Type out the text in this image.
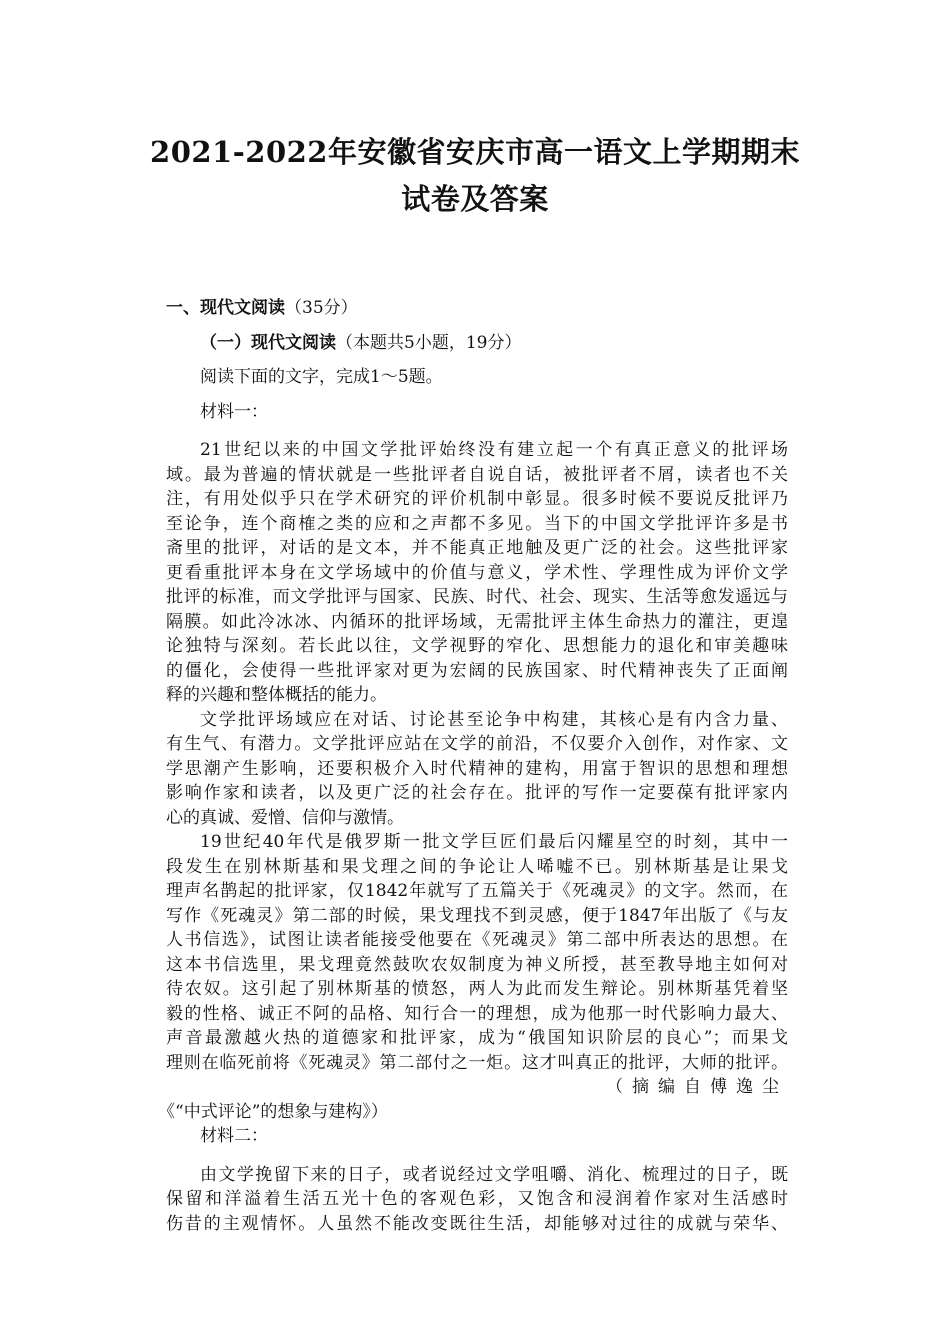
2021-2022年安徽省安庆市高一语文上学期期末
试卷及答案
一、现代文阅读（35分）
（一）现代文阅读（本题共5小题，19分）
阅读下面的文字，完成1～5题。
材料一：
21世纪以来的中国文学批评始终没有建立起一个有真正意义的批评场
域。最为普遍的情状就是一些批评者自说自话，被批评者不屑，读者也不关
注，有用处似乎只在学术研究的评价机制中彰显。很多时候不要说反批评乃
至论争，连个商榷之类的应和之声都不多见。当下的中国文学批评许多是书
斋里的批评，对话的是文本，并不能真正地触及更广泛的社会。这些批评家
更看重批评本身在文学场域中的价值与意义，学术性、学理性成为评价文学
批评的标准，而文学批评与国家、民族、时代、社会、现实、生活等愈发遥远与
隔膜。如此冷冰冰、内循环的批评场域，无需批评主体生命热力的灌注，更遑
论独特与深刻。若长此以往，文学视野的窄化、思想能力的退化和审美趣味
的僵化，会使得一些批评家对更为宏阔的民族国家、时代精神丧失了正面阐
释的兴趣和整体概括的能力。
文学批评场域应在对话、讨论甚至论争中构建，其核心是有内含力量、
有生气、有潜力。文学批评应站在文学的前沿，不仅要介入创作，对作家、文
学思潮产生影响，还要积极介入时代精神的建构，用富于智识的思想和理想
影响作家和读者，以及更广泛的社会存在。批评的写作一定要葆有批评家内
心的真诚、爱憎、信仰与激情。
19世纪40年代是俄罗斯一批文学巨匠们最后闪耀星空的时刻，其中一
段发生在别林斯基和果戈理之间的争论让人唏嘘不已。别林斯基是让果戈
理声名鹊起的批评家，仅1842年就写了五篇关于《死魂灵》的文字。然而，在
写作《死魂灵》第二部的时候，果戈理找不到灵感，便于1847年出版了《与友
人书信选》，试图让读者能接受他要在《死魂灵》第二部中所表达的思想。在
这本书信选里，果戈理竟然鼓吹农奴制度为神义所授，甚至教导地主如何对
待农奴。这引起了别林斯基的愤怒，两人为此而发生辩论。别林斯基凭着坚
毅的性格、诚正不阿的品格、知行合一的理想，成为他那一时代影响力最大、
声音最激越火热的道德家和批评家，成为“俄国知识阶层的良心”；而果戈
理则在临死前将《死魂灵》第二部付之一炬。这才叫真正的批评，大师的批评。
（摘编自傅逸尘
《“中式评论”的想象与建构》）
材料二：
由文学挽留下来的日子，或者说经过文学咀嚼、消化、梳理过的日子，既
保留和洋溢着生活五光十色的客观色彩，又饱含和浸润着作家对生活感时
伤昔的主观情怀。人虽然不能改变既往生活，却能够对过往的成就与荣华、
